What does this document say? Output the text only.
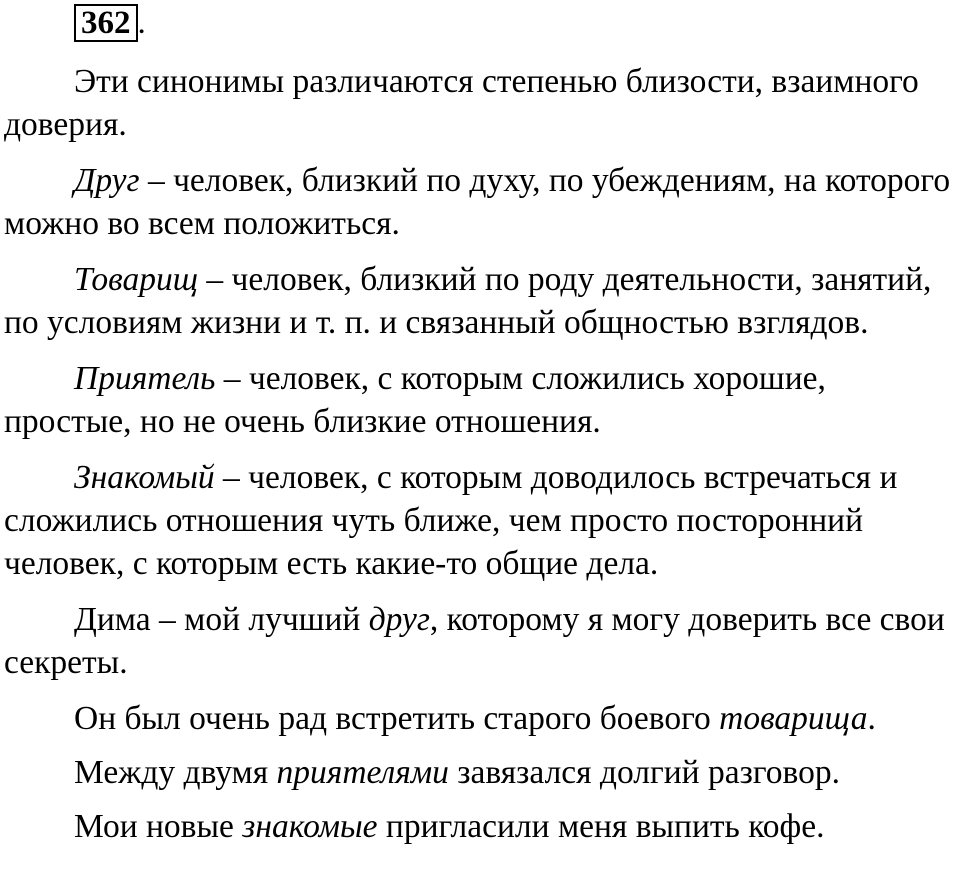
362 .

Эти синонимы различаются степенью близости, взаимного доверия.

Друг – человек, близкий по духу, по убеждениям, на которого можно во всем положиться.

Товарищ – человек, близкий по роду деятельности, занятий, по условиям жизни и т. п. и связанный общностью взглядов.

Приятель – человек, с которым сложились хорошие, простые, но не очень близкие отношения.

Знакомый – человек, с которым доводилось встречаться и сложились отношения чуть ближе, чем просто посторонний человек, с которым есть какие-то общие дела.

Дима – мой лучший друг, которому я могу доверить все свои секреты.

Он был очень рад встретить старого боевого товарища.

Между двумя приятелями завязался долгий разговор.

Мои новые знакомые пригласили меня выпить кофе.
